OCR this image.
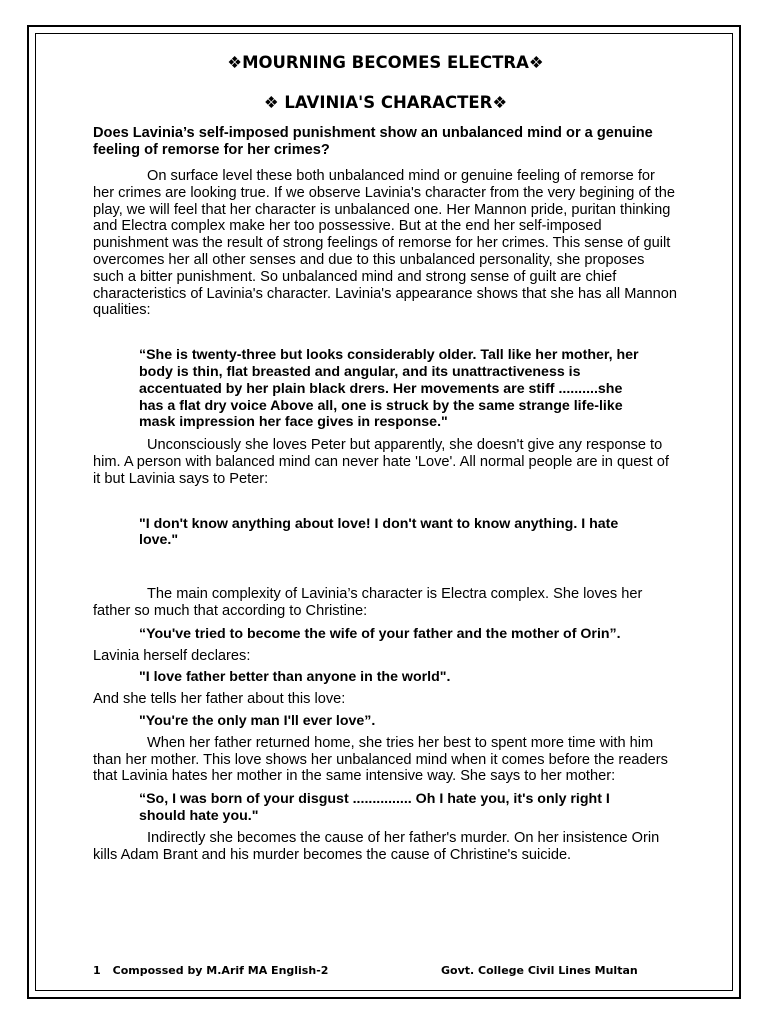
❖MOURNING BECOMES ELECTRA❖

❖ LAVINIA'S CHARACTER❖

Does Lavinia’s self-imposed punishment show an unbalanced mind or a genuine feeling of remorse for her crimes?

On surface level these both unbalanced mind or genuine feeling of remorse for her crimes are looking true. If we observe Lavinia's character from the very begining of the play, we will feel that her character is unbalanced one. Her Mannon pride, puritan thinking and Electra complex make her too possessive. But at the end her self-imposed punishment was the result of strong feelings of remorse for her crimes. This sense of guilt overcomes her all other senses and due to this unbalanced personality, she proposes such a bitter punishment. So unbalanced mind and strong sense of guilt are chief characteristics of Lavinia's character. Lavinia's appearance shows that she has all Mannon qualities:

“She is twenty-three but looks considerably older. Tall like her mother, her body is thin, flat breasted and angular, and its unattractiveness is accentuated by her plain black drers. Her movements are stiff ..........she has a flat dry voice Above all, one is struck by the same strange life-like mask impression her face gives in response."

Unconsciously she loves Peter but apparently, she doesn't give any response to him. A person with balanced mind can never hate 'Love'. All normal people are in quest of it but Lavinia says to Peter:

"I don't know anything about love! I don't want to know anything. I hate love."

The main complexity of Lavinia’s character is Electra complex. She loves her father so much that according to Christine:

“You've tried to become the wife of your father and the mother of Orin”.

Lavinia herself declares:

"I love father better than anyone in the world".

And she tells her father about this love:

"You're the only man I'll ever love”.

When her father returned home, she tries her best to spent more time with him than her mother. This love shows her unbalanced mind when it comes before the readers that Lavinia hates her mother in the same intensive way. She says to her mother:

“So, I was born of your disgust ............... Oh I hate you, it's only right I should hate you."

Indirectly she becomes the cause of her father's murder. On her insistence Orin kills Adam Brant and his murder becomes the cause of Christine's suicide.

1 Compossed by M.Arif MA English-2	Govt. College Civil Lines Multan
